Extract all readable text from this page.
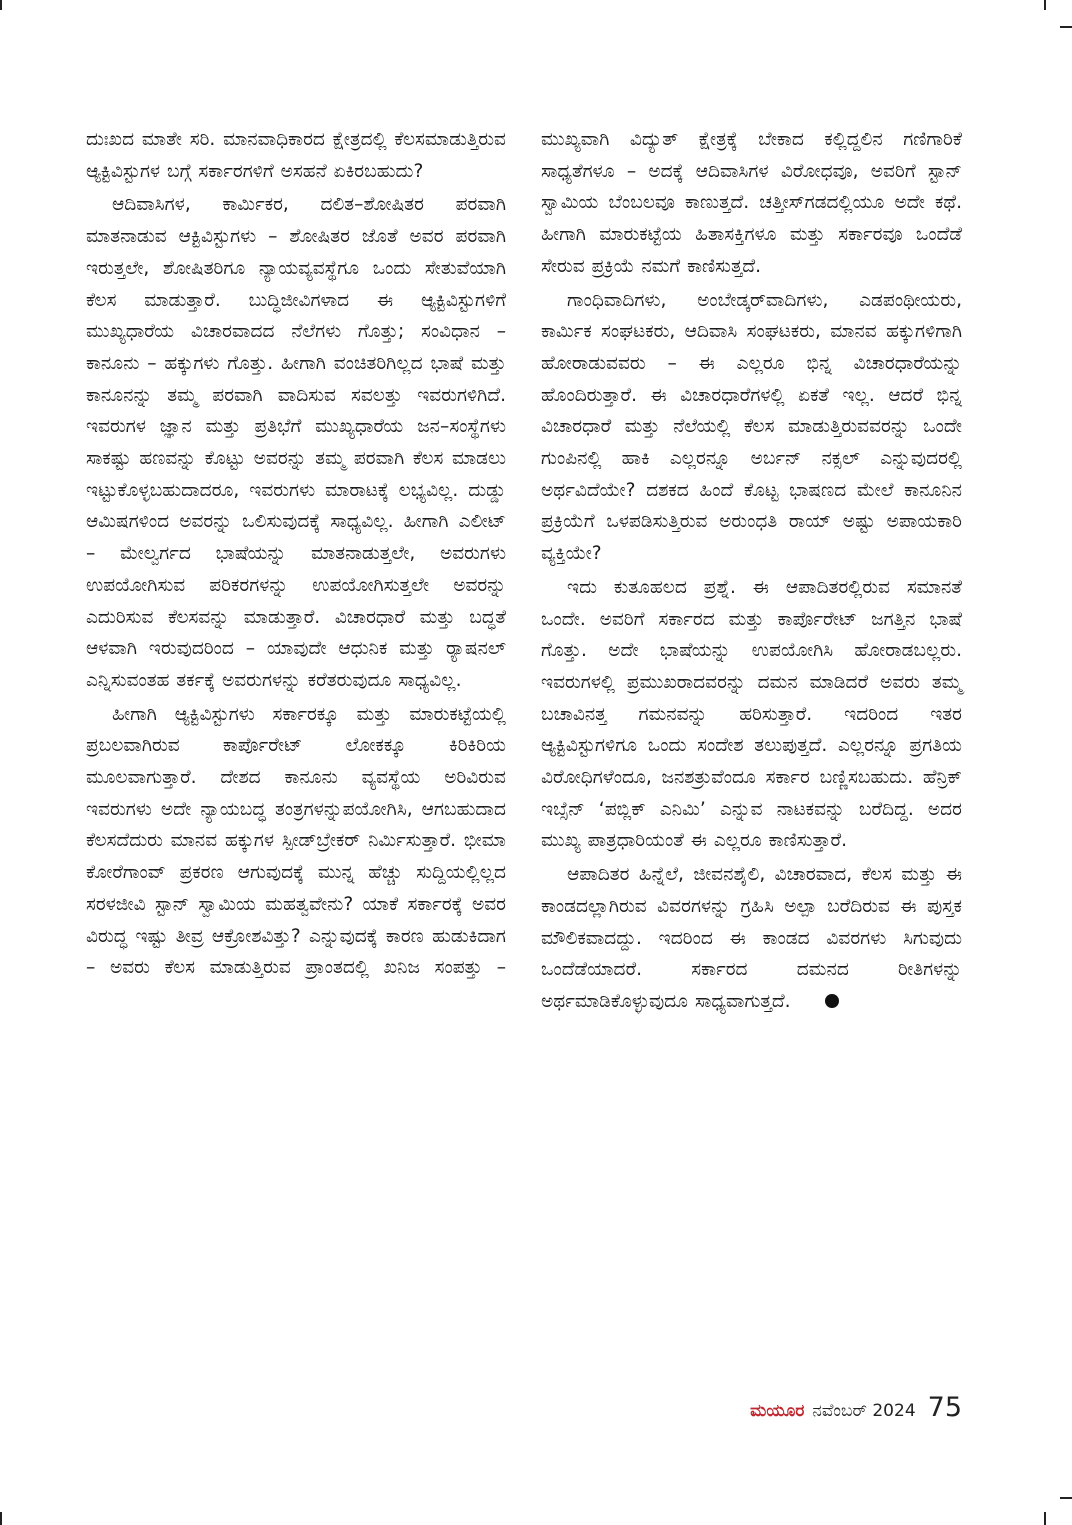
ದುಃಖದ ಮಾತೇ ಸರಿ. ಮಾನವಾಧಿಕಾರದ ಕ್ಷೇತ್ರದಲ್ಲಿ ಕೆಲಸಮಾಡುತ್ತಿರುವ ಆ್ಯಕ್ಟಿವಿಸ್ಟುಗಳ ಬಗ್ಗೆ ಸರ್ಕಾರಗಳಿಗೆ ಅಸಹನೆ ಏಕಿರಬಹುದು?

ಆದಿವಾಸಿಗಳ, ಕಾರ್ಮಿಕರ, ದಲಿತ–ಶೋಷಿತರ ಪರವಾಗಿ ಮಾತನಾಡುವ ಆಕ್ಟಿವಿಸ್ಟುಗಳು – ಶೋಷಿತರ ಜೊತೆ ಅವರ ಪರವಾಗಿ ಇರುತ್ತಲೇ, ಶೋಷಿತರಿಗೂ ನ್ಯಾಯವ್ಯವಸ್ಥೆಗೂ ಒಂದು ಸೇತುವೆಯಾಗಿ ಕೆಲಸ ಮಾಡುತ್ತಾರೆ. ಬುದ್ಧಿಜೀವಿಗಳಾದ ಈ ಆ್ಯಕ್ಟಿವಿಸ್ಟುಗಳಿಗೆ ಮುಖ್ಯಧಾರೆಯ ವಿಚಾರವಾದದ ನೆಲೆಗಳು ಗೊತ್ತು; ಸಂವಿಧಾನ – ಕಾನೂನು – ಹಕ್ಕುಗಳು ಗೊತ್ತು. ಹೀಗಾಗಿ ವಂಚಿತರಿಗಿಲ್ಲದ ಭಾಷೆ ಮತ್ತು ಕಾನೂನನ್ನು ತಮ್ಮ ಪರವಾಗಿ ವಾದಿಸುವ ಸವಲತ್ತು ಇವರುಗಳಿಗಿದೆ. ಇವರುಗಳ ಜ್ಞಾನ ಮತ್ತು ಪ್ರತಿಭೆಗೆ ಮುಖ್ಯಧಾರೆಯ ಜನ–ಸಂಸ್ಥೆಗಳು ಸಾಕಷ್ಟು ಹಣವನ್ನು ಕೊಟ್ಟು ಅವರನ್ನು ತಮ್ಮ ಪರವಾಗಿ ಕೆಲಸ ಮಾಡಲು ಇಟ್ಟುಕೊಳ್ಳಬಹುದಾದರೂ, ಇವರುಗಳು ಮಾರಾಟಕ್ಕೆ ಲಭ್ಯವಿಲ್ಲ. ದುಡ್ಡು ಆಮಿಷಗಳಿಂದ ಅವರನ್ನು ಒಲಿಸುವುದಕ್ಕೆ ಸಾಧ್ಯವಿಲ್ಲ. ಹೀಗಾಗಿ ಎಲೀಟ್ – ಮೇಲ್ವರ್ಗದ ಭಾಷೆಯನ್ನು ಮಾತನಾಡುತ್ತಲೇ, ಅವರುಗಳು ಉಪಯೋಗಿಸುವ ಪರಿಕರಗಳನ್ನು ಉಪಯೋಗಿಸುತ್ತಲೇ ಅವರನ್ನು ಎದುರಿಸುವ ಕೆಲಸವನ್ನು ಮಾಡುತ್ತಾರೆ. ವಿಚಾರಧಾರೆ ಮತ್ತು ಬದ್ಧತೆ ಆಳವಾಗಿ ಇರುವುದರಿಂದ – ಯಾವುದೇ ಆಧುನಿಕ ಮತ್ತು ರ್‍ಯಾಷನಲ್ ಎನ್ನಿಸುವಂತಹ ತರ್ಕಕ್ಕೆ ಅವರುಗಳನ್ನು ಕರೆತರುವುದೂ ಸಾಧ್ಯವಿಲ್ಲ.

ಹೀಗಾಗಿ ಆ್ಯಕ್ಟಿವಿಸ್ಟುಗಳು ಸರ್ಕಾರಕ್ಕೂ ಮತ್ತು ಮಾರುಕಟ್ಟೆಯಲ್ಲಿ ಪ್ರಬಲವಾಗಿರುವ ಕಾರ್ಪೊರೇಟ್ ಲೋಕಕ್ಕೂ ಕಿರಿಕಿರಿಯ ಮೂಲವಾಗುತ್ತಾರೆ. ದೇಶದ ಕಾನೂನು ವ್ಯವಸ್ಥೆಯ ಅರಿವಿರುವ ಇವರುಗಳು ಅದೇ ನ್ಯಾಯಬದ್ಧ ತಂತ್ರಗಳನ್ನುಪಯೋಗಿಸಿ, ಆಗಬಹುದಾದ ಕೆಲಸದೆದುರು ಮಾನವ ಹಕ್ಕುಗಳ ಸ್ಪೀಡ್‌ಬ್ರೇಕರ್ ನಿರ್ಮಿಸುತ್ತಾರೆ. ಭೀಮಾ ಕೋರೆಗಾಂವ್ ಪ್ರಕರಣ ಆಗುವುದಕ್ಕೆ ಮುನ್ನ ಹೆಚ್ಚು ಸುದ್ದಿಯಲ್ಲಿಲ್ಲದ ಸರಳಜೀವಿ ಸ್ಟಾನ್ ಸ್ವಾಮಿಯ ಮಹತ್ವವೇನು? ಯಾಕೆ ಸರ್ಕಾರಕ್ಕೆ ಅವರ ವಿರುದ್ಧ ಇಷ್ಟು ತೀವ್ರ ಆಕ್ರೋಶವಿತ್ತು? ಎನ್ನುವುದಕ್ಕೆ ಕಾರಣ ಹುಡುಕಿದಾಗ – ಅವರು ಕೆಲಸ ಮಾಡುತ್ತಿರುವ ಪ್ರಾಂತದಲ್ಲಿ ಖನಿಜ ಸಂಪತ್ತು –

ಮುಖ್ಯವಾಗಿ ವಿದ್ಯುತ್ ಕ್ಷೇತ್ರಕ್ಕೆ ಬೇಕಾದ ಕಲ್ಲಿದ್ದಲಿನ ಗಣಿಗಾರಿಕೆ ಸಾಧ್ಯತೆಗಳೂ – ಅದಕ್ಕೆ ಆದಿವಾಸಿಗಳ ವಿರೋಧವೂ, ಅವರಿಗೆ ಸ್ಟಾನ್ ಸ್ವಾಮಿಯ ಬೆಂಬಲವೂ ಕಾಣುತ್ತದೆ. ಚತ್ತೀಸ್‌ಗಡದಲ್ಲಿಯೂ ಅದೇ ಕಥೆ. ಹೀಗಾಗಿ ಮಾರುಕಟ್ಟೆಯ ಹಿತಾಸಕ್ತಿಗಳೂ ಮತ್ತು ಸರ್ಕಾರವೂ ಒಂದೆಡೆ ಸೇರುವ ಪ್ರಕ್ರಿಯೆ ನಮಗೆ ಕಾಣಿಸುತ್ತದೆ.

ಗಾಂಧಿವಾದಿಗಳು, ಅಂಬೇಡ್ಕರ್‌ವಾದಿಗಳು, ಎಡಪಂಥೀಯರು, ಕಾರ್ಮಿಕ ಸಂಘಟಕರು, ಆದಿವಾಸಿ ಸಂಘಟಕರು, ಮಾನವ ಹಕ್ಕುಗಳಿಗಾಗಿ ಹೋರಾಡುವವರು – ಈ ಎಲ್ಲರೂ ಭಿನ್ನ ವಿಚಾರಧಾರೆಯನ್ನು ಹೊಂದಿರುತ್ತಾರೆ. ಈ ವಿಚಾರಧಾರೆಗಳಲ್ಲಿ ಏಕತೆ ಇಲ್ಲ. ಆದರೆ ಭಿನ್ನ ವಿಚಾರಧಾರೆ ಮತ್ತು ನೆಲೆಯಲ್ಲಿ ಕೆಲಸ ಮಾಡುತ್ತಿರುವವರನ್ನು ಒಂದೇ ಗುಂಪಿನಲ್ಲಿ ಹಾಕಿ ಎಲ್ಲರನ್ನೂ ಅರ್ಬನ್ ನಕ್ಸಲ್ ಎನ್ನುವುದರಲ್ಲಿ ಅರ್ಥವಿದೆಯೇ? ದಶಕದ ಹಿಂದೆ ಕೊಟ್ಟ ಭಾಷಣದ ಮೇಲೆ ಕಾನೂನಿನ ಪ್ರಕ್ರಿಯೆಗೆ ಒಳಪಡಿಸುತ್ತಿರುವ ಅರುಂಧತಿ ರಾಯ್ ಅಷ್ಟು ಅಪಾಯಕಾರಿ ವ್ಯಕ್ತಿಯೇ?

ಇದು ಕುತೂಹಲದ ಪ್ರಶ್ನೆ. ಈ ಆಪಾದಿತರಲ್ಲಿರುವ ಸಮಾನತೆ ಒಂದೇ. ಅವರಿಗೆ ಸರ್ಕಾರದ ಮತ್ತು ಕಾರ್ಪೊರೇಟ್ ಜಗತ್ತಿನ ಭಾಷೆ ಗೊತ್ತು. ಅದೇ ಭಾಷೆಯನ್ನು ಉಪಯೋಗಿಸಿ ಹೋರಾಡಬಲ್ಲರು. ಇವರುಗಳಲ್ಲಿ ಪ್ರಮುಖರಾದವರನ್ನು ದಮನ ಮಾಡಿದರೆ ಅವರು ತಮ್ಮ ಬಚಾವಿನತ್ತ ಗಮನವನ್ನು ಹರಿಸುತ್ತಾರೆ. ಇದರಿಂದ ಇತರ ಆ್ಯಕ್ಟಿವಿಸ್ಟುಗಳಿಗೂ ಒಂದು ಸಂದೇಶ ತಲುಪುತ್ತದೆ. ಎಲ್ಲರನ್ನೂ ಪ್ರಗತಿಯ ವಿರೋಧಿಗಳೆಂದೂ, ಜನಶತ್ರುವೆಂದೂ ಸರ್ಕಾರ ಬಣ್ಣಿಸಬಹುದು. ಹೆನ್ರಿಕ್ ಇಬ್ಸೆನ್ ‘ಪಬ್ಲಿಕ್ ಎನಿಮಿ’ ಎನ್ನುವ ನಾಟಕವನ್ನು ಬರೆದಿದ್ದ. ಅದರ ಮುಖ್ಯ ಪಾತ್ರಧಾರಿಯಂತೆ ಈ ಎಲ್ಲರೂ ಕಾಣಿಸುತ್ತಾರೆ.

ಆಪಾದಿತರ ಹಿನ್ನೆಲೆ, ಜೀವನಶೈಲಿ, ವಿಚಾರವಾದ, ಕೆಲಸ ಮತ್ತು ಈ ಕಾಂಡದಲ್ಲಾಗಿರುವ ವಿವರಗಳನ್ನು ಗ್ರಹಿಸಿ ಅಲ್ಪಾ ಬರೆದಿರುವ ಈ ಪುಸ್ತಕ ಮೌಲಿಕವಾದದ್ದು. ಇದರಿಂದ ಈ ಕಾಂಡದ ವಿವರಗಳು ಸಿಗುವುದು ಒಂದೆಡೆಯಾದರೆ. ಸರ್ಕಾರದ ದಮನದ ರೀತಿಗಳನ್ನು ಅರ್ಥಮಾಡಿಕೊಳ್ಳುವುದೂ ಸಾಧ್ಯವಾಗುತ್ತದೆ.

ಮಯೂರ ನವೆಂಬರ್ 2024 75
